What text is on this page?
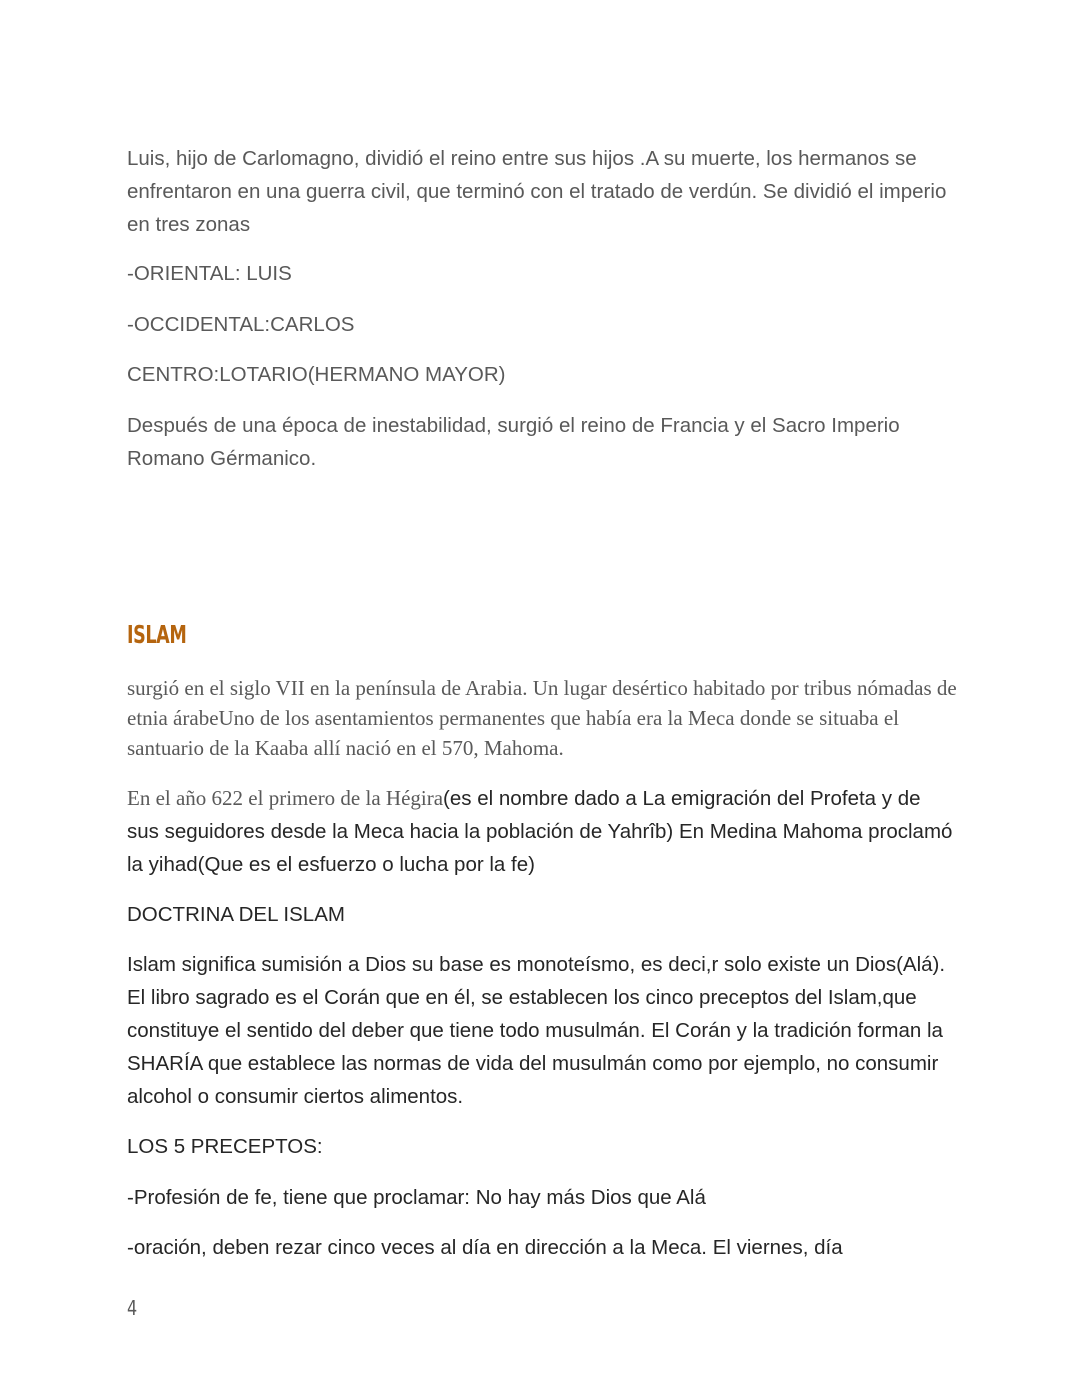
Luis, hijo de Carlomagno, dividió el reino entre sus hijos .A su muerte, los hermanos se enfrentaron en una guerra civil, que terminó con el tratado de verdún. Se dividió el imperio en tres zonas

-ORIENTAL: LUIS

-OCCIDENTAL:CARLOS

CENTRO:LOTARIO(HERMANO MAYOR)

Después de una época de inestabilidad, surgió el reino de Francia y el Sacro Imperio Romano Gérmanico.

ISLAM

surgió en el siglo VII en la península de Arabia. Un lugar desértico habitado por tribus nómadas de etnia árabeUno de los asentamientos permanentes que había era la Meca donde se situaba el santuario de la Kaaba allí nació en el 570, Mahoma.

En el año 622 el primero de la Hégira(es el nombre dado a La emigración del Profeta y de sus seguidores desde la Meca hacia la población de Yahrîb) En Medina Mahoma proclamó la yihad(Que es el esfuerzo o lucha por la fe)

DOCTRINA DEL ISLAM

Islam significa sumisión a Dios su base es monoteísmo, es deci,r solo existe un Dios(Alá). El libro sagrado es el Corán que en él, se establecen los cinco preceptos del Islam,que constituye el sentido del deber que tiene todo musulmán. El Corán y la tradición forman la SHARÍA que establece las normas de vida del musulmán como por ejemplo, no consumir alcohol o consumir ciertos alimentos.

LOS 5 PRECEPTOS:

-Profesión de fe, tiene que proclamar: No hay más Dios que Alá

-oración, deben rezar cinco veces al día en dirección a la Meca. El viernes, día

4
